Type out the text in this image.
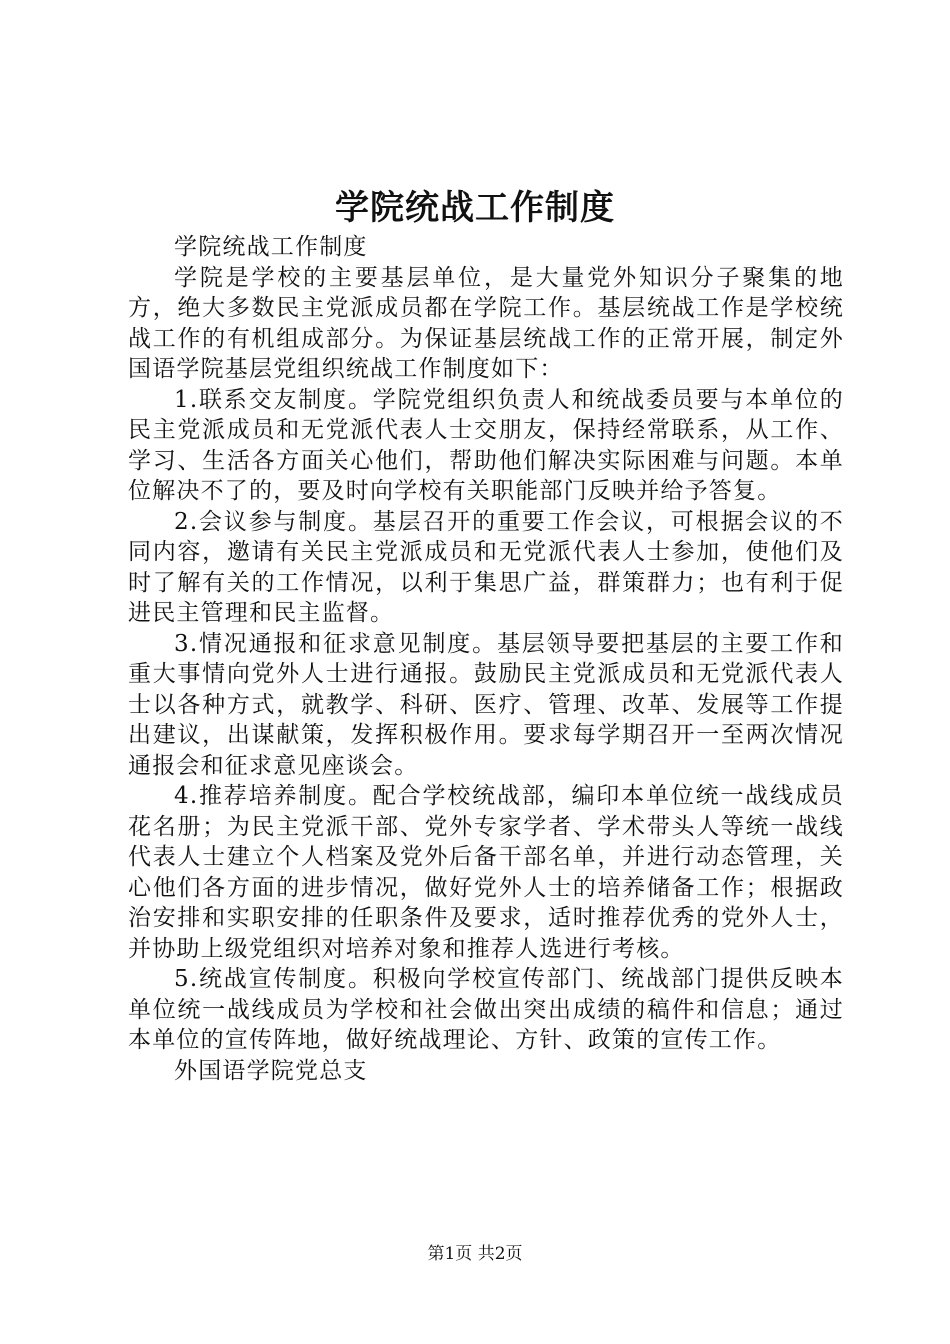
学院统战工作制度

学院统战工作制度

学院是学校的主要基层单位，是大量党外知识分子聚集的地方，绝大多数民主党派成员都在学院工作。基层统战工作是学校统战工作的有机组成部分。为保证基层统战工作的正常开展，制定外国语学院基层党组织统战工作制度如下：

1.联系交友制度。学院党组织负责人和统战委员要与本单位的民主党派成员和无党派代表人士交朋友，保持经常联系，从工作、学习、生活各方面关心他们，帮助他们解决实际困难与问题。本单位解决不了的，要及时向学校有关职能部门反映并给予答复。

2.会议参与制度。基层召开的重要工作会议，可根据会议的不同内容，邀请有关民主党派成员和无党派代表人士参加，使他们及时了解有关的工作情况，以利于集思广益，群策群力；也有利于促进民主管理和民主监督。

3.情况通报和征求意见制度。基层领导要把基层的主要工作和重大事情向党外人士进行通报。鼓励民主党派成员和无党派代表人士以各种方式，就教学、科研、医疗、管理、改革、发展等工作提出建议，出谋献策，发挥积极作用。要求每学期召开一至两次情况通报会和征求意见座谈会。

4.推荐培养制度。配合学校统战部，编印本单位统一战线成员花名册；为民主党派干部、党外专家学者、学术带头人等统一战线代表人士建立个人档案及党外后备干部名单，并进行动态管理，关心他们各方面的进步情况，做好党外人士的培养储备工作；根据政治安排和实职安排的任职条件及要求，适时推荐优秀的党外人士，并协助上级党组织对培养对象和推荐人选进行考核。

5.统战宣传制度。积极向学校宣传部门、统战部门提供反映本单位统一战线成员为学校和社会做出突出成绩的稿件和信息；通过本单位的宣传阵地，做好统战理论、方针、政策的宣传工作。

外国语学院党总支

第1页 共2页
